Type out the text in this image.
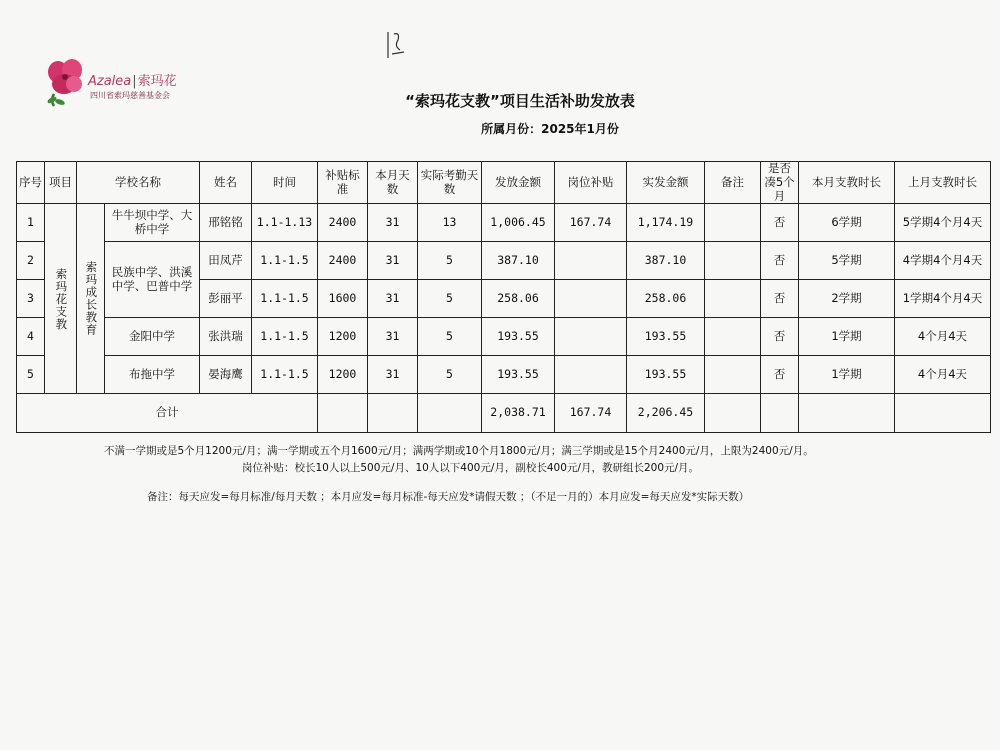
Azalea|索玛花
四川省索玛慈善基金会	“索玛花支教”项目生活补助发放表
所属月份：2025年1月份
序号	项目	学校名称		姓名	时间	补贴标准	本月天数	实际考勤天数	发放金额	岗位补贴	实发金额	备注	是否凑5个月	本月支教时长	上月支教时长
1	索玛花支教	索玛成长教育	牛牛坝中学、大桥中学	邢铭铭	1.1-1.13	2400	31	13	1,006.45	167.74	1,174.19		否	6学期	5学期4个月4天
2			民族中学、洪溪中学、巴普中学	田凤芹	1.1-1.5	2400	31	5	387.10		387.10		否	5学期	4学期4个月4天
3				彭丽平	1.1-1.5	1600	31	5	258.06		258.06		否	2学期	1学期4个月4天
4			金阳中学	张洪瑞	1.1-1.5	1200	31	5	193.55		193.55		否	1学期	4个月4天
5			布拖中学	晏海鹰	1.1-1.5	1200	31	5	193.55		193.55		否	1学期	4个月4天
合计									2,038.71	167.74	2,206.45				
不满一学期或是5个月1200元/月；满一学期或五个月1600元/月；满两学期或10个月1800元/月；满三学期或是15个月2400元/月，上限为2400元/月。
岗位补贴：校长10人以上500元/月、10人以下400元/月，副校长400元/月，教研组长200元/月。
备注：每天应发=每月标准/每月天数 ；本月应发=每月标准-每天应发*请假天数 ；（不足一月的）本月应发=每天应发*实际天数）
